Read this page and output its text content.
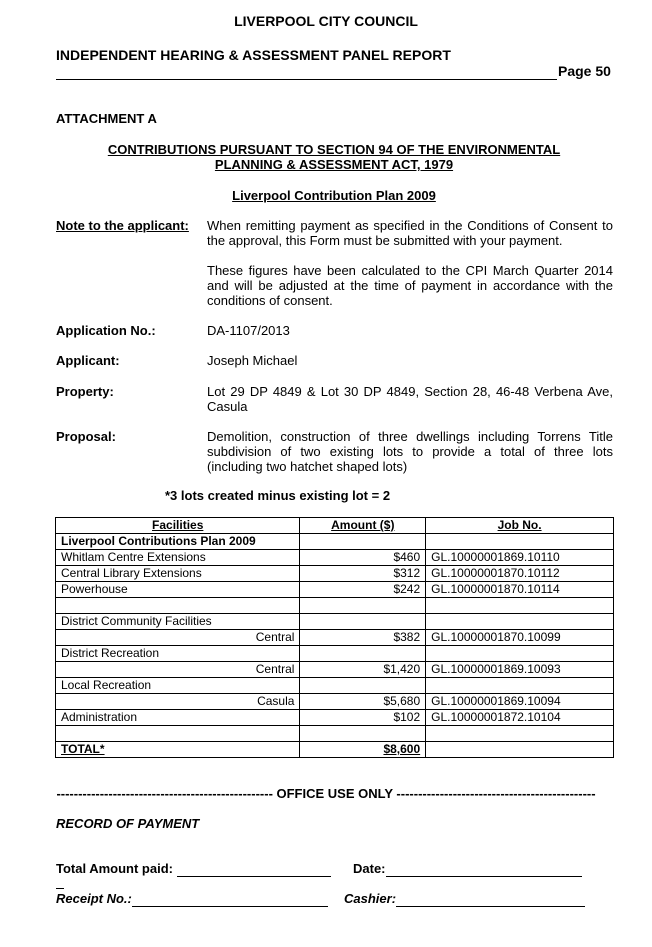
LIVERPOOL CITY COUNCIL
INDEPENDENT HEARING & ASSESSMENT PANEL REPORT
Page 50
ATTACHMENT A
CONTRIBUTIONS PURSUANT TO SECTION 94 OF THE ENVIRONMENTAL
PLANNING & ASSESSMENT ACT, 1979
Liverpool Contribution Plan 2009
Note to the applicant: When remitting payment as specified in the Conditions of Consent to
the approval, this Form must be submitted with your payment.
These figures have been calculated to the CPI March Quarter 2014
and will be adjusted at the time of payment in accordance with the
conditions of consent.
Application No.:	DA-1107/2013
Applicant:	Joseph Michael
Property:	Lot 29 DP 4849 & Lot 30 DP 4849, Section 28, 46-48 Verbena Ave,
Casula
Proposal:	Demolition, construction of three dwellings including Torrens Title
subdivision of two existing lots to provide a total of three lots
(including two hatchet shaped lots)
*3 lots created minus existing lot = 2
Facilities	Amount ($)	Job No.
Liverpool Contributions Plan 2009		
Whitlam Centre Extensions	$460	GL.10000001869.10110
Central Library Extensions	$312	GL.10000001870.10112
Powerhouse	$242	GL.10000001870.10114

District Community Facilities		
Central	$382	GL.10000001870.10099
District Recreation		
Central	$1,420	GL.10000001869.10093
Local Recreation		
Casula	$5,680	GL.10000001869.10094
Administration	$102	GL.10000001872.10104

TOTAL*	$8,600	
-------------------------------------------------- OFFICE USE ONLY ----------------------------------------------
RECORD OF PAYMENT
Total Amount paid:	Date:
Receipt No.:	Cashier:
